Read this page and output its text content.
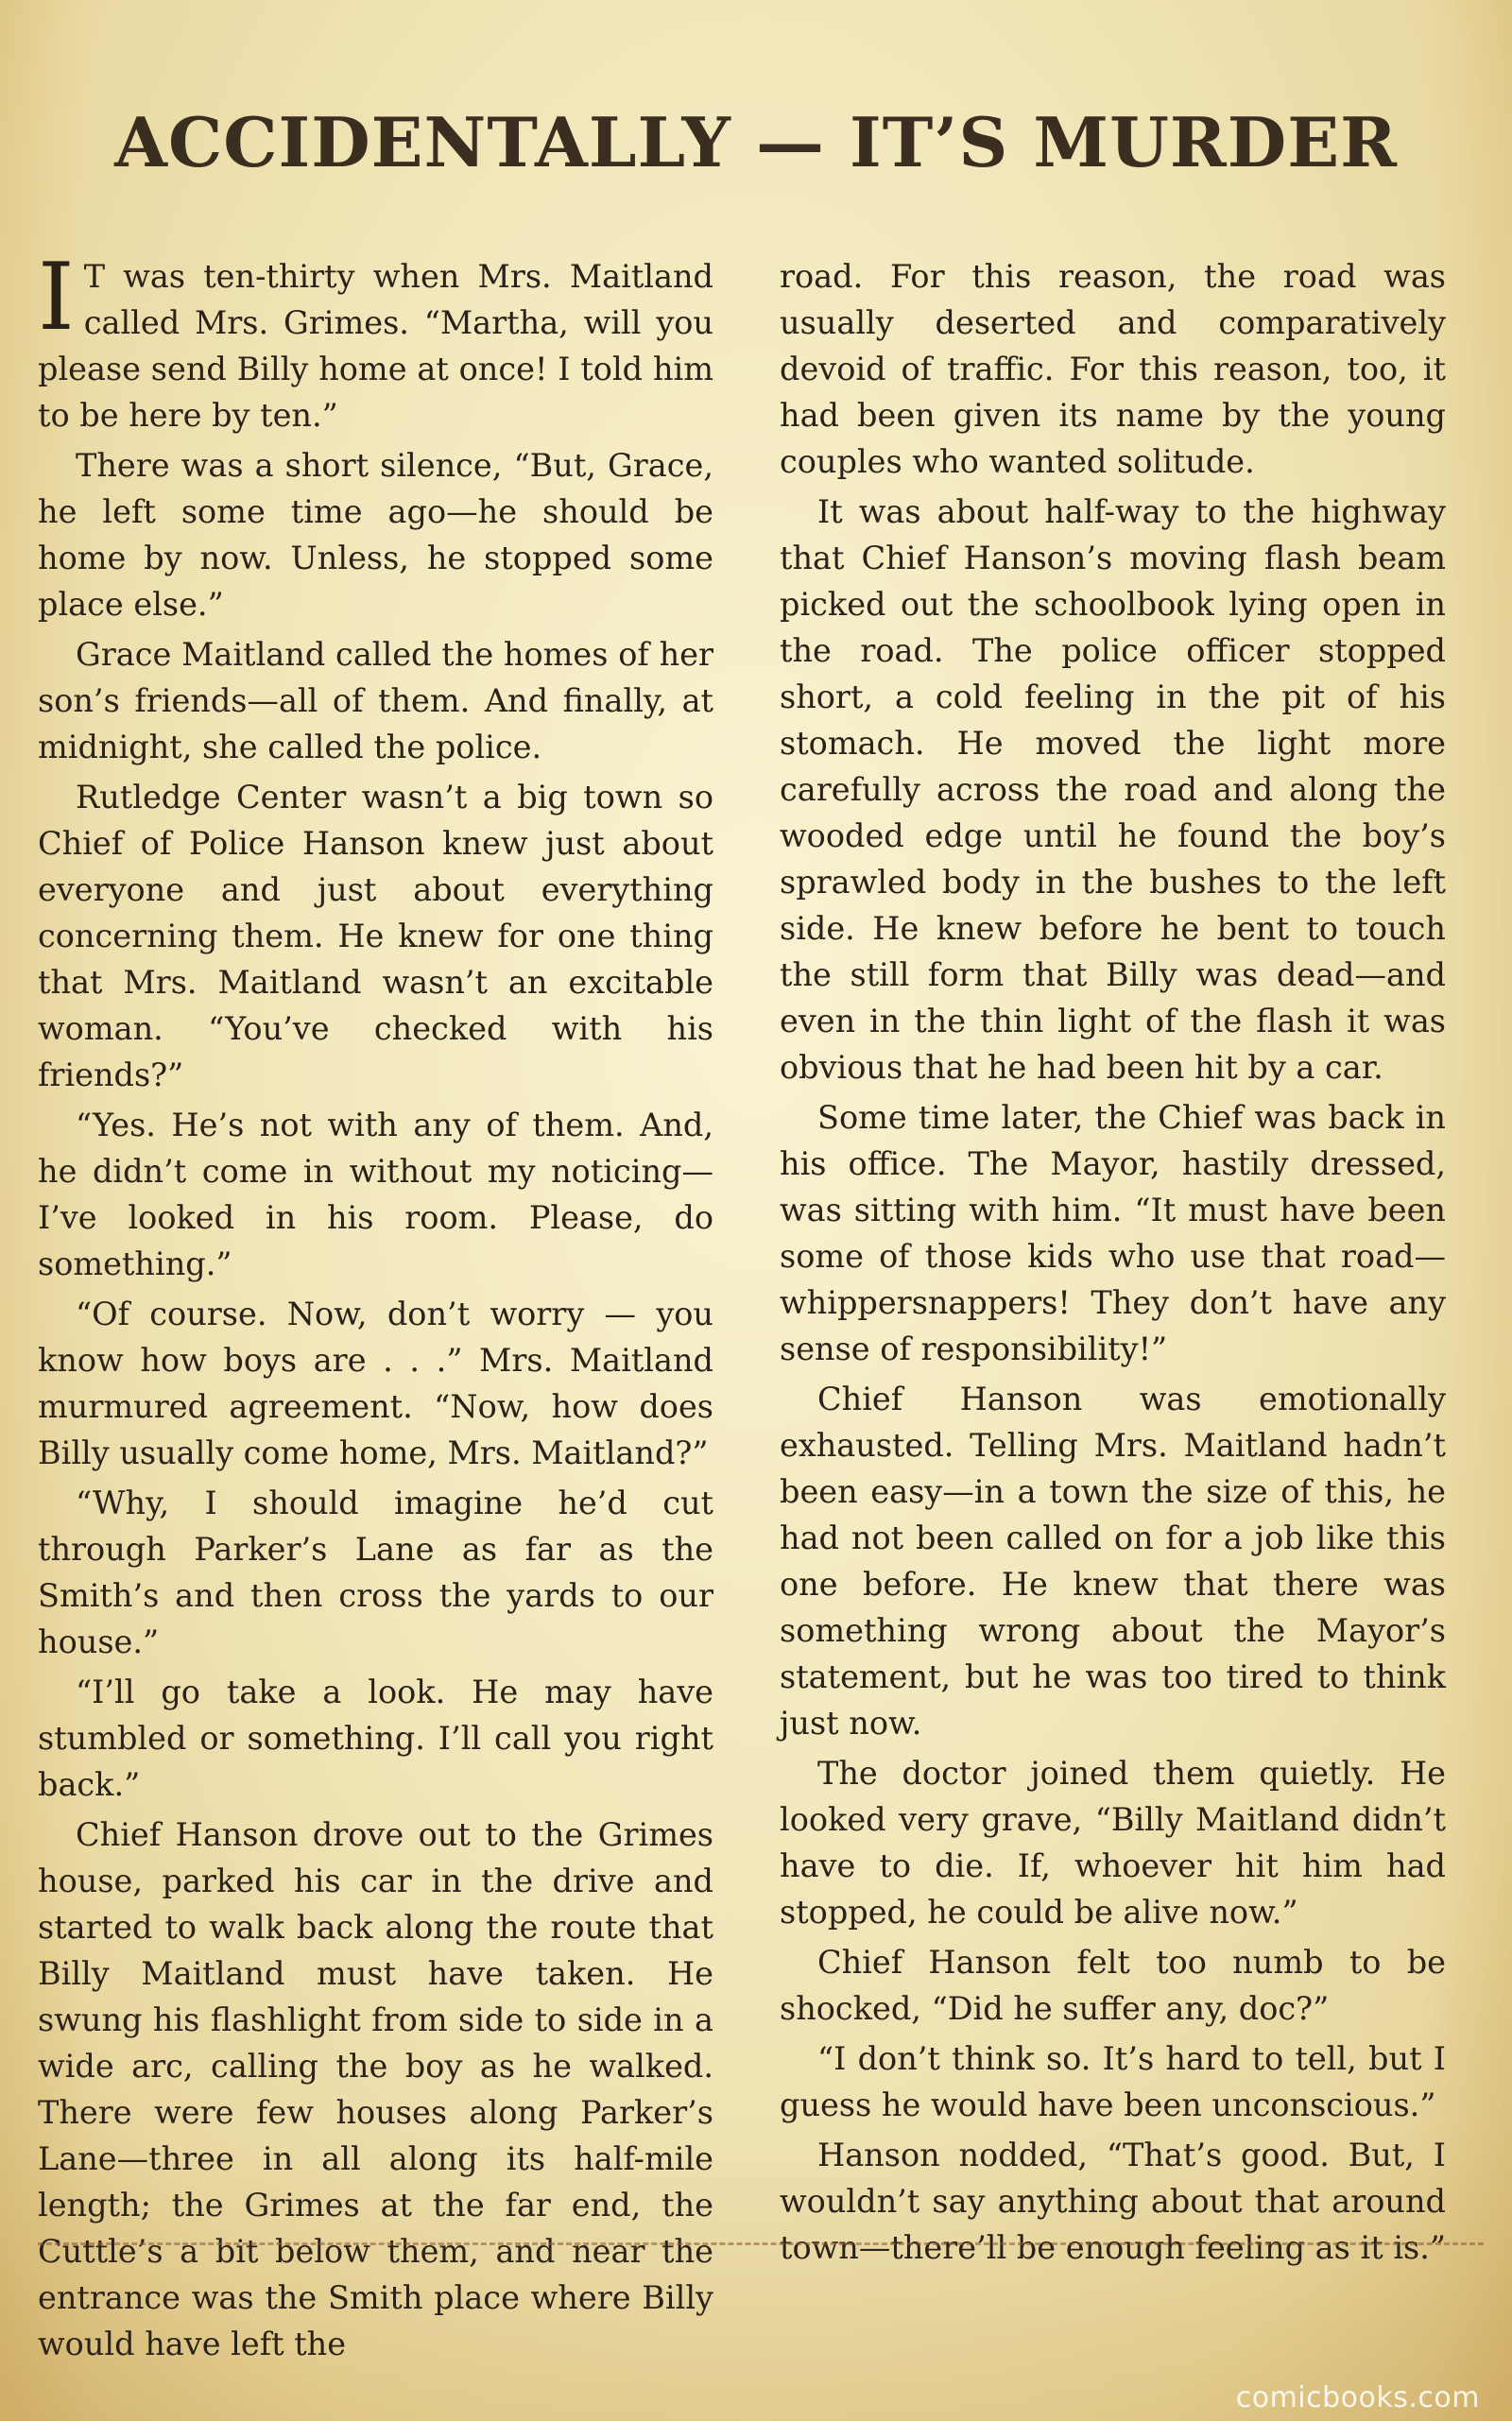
ACCIDENTALLY — IT’S MURDER

I T was ten-thirty when Mrs. Maitland called Mrs. Grimes. “Martha, will you please send Billy home at once! I told him to be here by ten.”

There was a short silence, “But, Grace, he left some time ago—he should be home by now. Unless, he stopped some place else.”

Grace Maitland called the homes of her son’s friends—all of them. And finally, at midnight, she called the police.

Rutledge Center wasn’t a big town so Chief of Police Hanson knew just about everyone and just about everything concerning them. He knew for one thing that Mrs. Maitland wasn’t an excitable woman. “You’ve checked with his friends?”

“Yes. He’s not with any of them. And, he didn’t come in without my noticing—I’ve looked in his room. Please, do something.”

“Of course. Now, don’t worry — you know how boys are . . .” Mrs. Maitland murmured agreement. “Now, how does Billy usually come home, Mrs. Maitland?”

“Why, I should imagine he’d cut through Parker’s Lane as far as the Smith’s and then cross the yards to our house.”

“I’ll go take a look. He may have stumbled or something. I’ll call you right back.”

Chief Hanson drove out to the Grimes house, parked his car in the drive and started to walk back along the route that Billy Maitland must have taken. He swung his flashlight from side to side in a wide arc, calling the boy as he walked. There were few houses along Parker’s Lane—three in all along its half-mile length; the Grimes at the far end, the Cuttle’s a bit below them, and near the entrance was the Smith place where Billy would have left the

road. For this reason, the road was usually deserted and comparatively devoid of traffic. For this reason, too, it had been given its name by the young couples who wanted solitude.

It was about half-way to the highway that Chief Hanson’s moving flash beam picked out the schoolbook lying open in the road. The police officer stopped short, a cold feeling in the pit of his stomach. He moved the light more carefully across the road and along the wooded edge until he found the boy’s sprawled body in the bushes to the left side. He knew before he bent to touch the still form that Billy was dead—and even in the thin light of the flash it was obvious that he had been hit by a car.

Some time later, the Chief was back in his office. The Mayor, hastily dressed, was sitting with him. “It must have been some of those kids who use that road—whippersnappers! They don’t have any sense of responsibility!”

Chief Hanson was emotionally exhausted. Telling Mrs. Maitland hadn’t been easy—in a town the size of this, he had not been called on for a job like this one before. He knew that there was something wrong about the Mayor’s statement, but he was too tired to think just now.

The doctor joined them quietly. He looked very grave, “Billy Maitland didn’t have to die. If, whoever hit him had stopped, he could be alive now.”

Chief Hanson felt too numb to be shocked, “Did he suffer any, doc?”

“I don’t think so. It’s hard to tell, but I guess he would have been unconscious.”

Hanson nodded, “That’s good. But, I wouldn’t say anything about that around town—there’ll be enough feeling as it is.”

comicbooks.com
